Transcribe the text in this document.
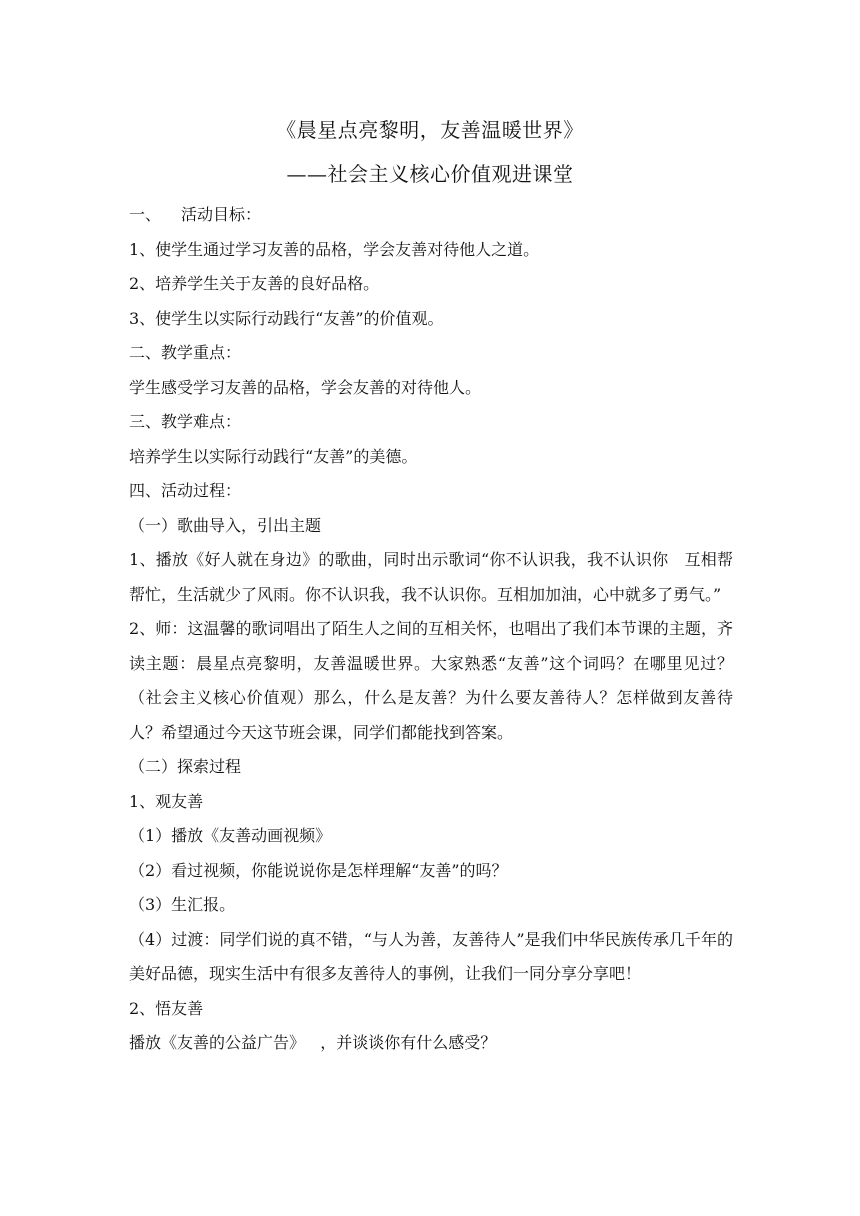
《晨星点亮黎明，友善温暖世界》
——社会主义核心价值观进课堂

一、 活动目标：

1、使学生通过学习友善的品格，学会友善对待他人之道。

2、培养学生关于友善的良好品格。

3、使学生以实际行动践行“友善”的价值观。

二、教学重点：

学生感受学习友善的品格，学会友善的对待他人。

三、教学难点：

培养学生以实际行动践行“友善”的美德。

四、活动过程：

（一）歌曲导入，引出主题

1、播放《好人就在身边》的歌曲，同时出示歌词“你不认识我，我不认识你   互相帮帮忙，生活就少了风雨。你不认识我，我不认识你。互相加加油，心中就多了勇气。”

2、师：这温馨的歌词唱出了陌生人之间的互相关怀，也唱出了我们本节课的主题，齐读主题：晨星点亮黎明，友善温暖世界。大家熟悉“友善”这个词吗？在哪里见过？（社会主义核心价值观）那么，什么是友善？为什么要友善待人？怎样做到友善待人？希望通过今天这节班会课，同学们都能找到答案。

（二）探索过程

1、观友善

（1）播放《友善动画视频》

（2）看过视频，你能说说你是怎样理解“友善”的吗？

（3）生汇报。

（4）过渡：同学们说的真不错，“与人为善，友善待人”是我们中华民族传承几千年的美好品德，现实生活中有很多友善待人的事例，让我们一同分享分享吧！

2、悟友善

播放《友善的公益广告》   ，并谈谈你有什么感受？
